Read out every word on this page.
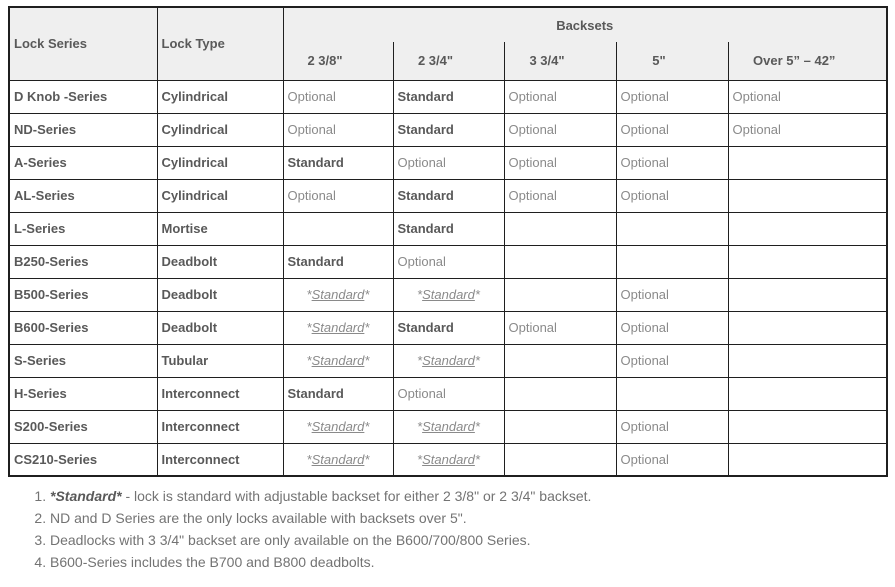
Lock Series	Lock Type	Backsets				
		2 3/8"	2 3/4"	3 3/4"	5"	Over 5” – 42”
D Knob -Series	Cylindrical	Optional	Standard	Optional	Optional	Optional
ND-Series	Cylindrical	Optional	Standard	Optional	Optional	Optional
A-Series	Cylindrical	Standard	Optional	Optional	Optional	
AL-Series	Cylindrical	Optional	Standard	Optional	Optional	
L-Series	Mortise		Standard			
B250-Series	Deadbolt	Standard	Optional			
B500-Series	Deadbolt	*Standard*	*Standard*		Optional	
B600-Series	Deadbolt	*Standard*	Standard	Optional	Optional	
S-Series	Tubular	*Standard*	*Standard*		Optional	
H-Series	Interconnect	Standard	Optional			
S200-Series	Interconnect	*Standard*	*Standard*		Optional	
CS210-Series	Interconnect	*Standard*	*Standard*		Optional	
1. *Standard* - lock is standard with adjustable backset for either 2 3/8" or 2 3/4" backset.
2. ND and D Series are the only locks available with backsets over 5".
3. Deadlocks with 3 3/4" backset are only available on the B600/700/800 Series.
4. B600-Series includes the B700 and B800 deadbolts.
